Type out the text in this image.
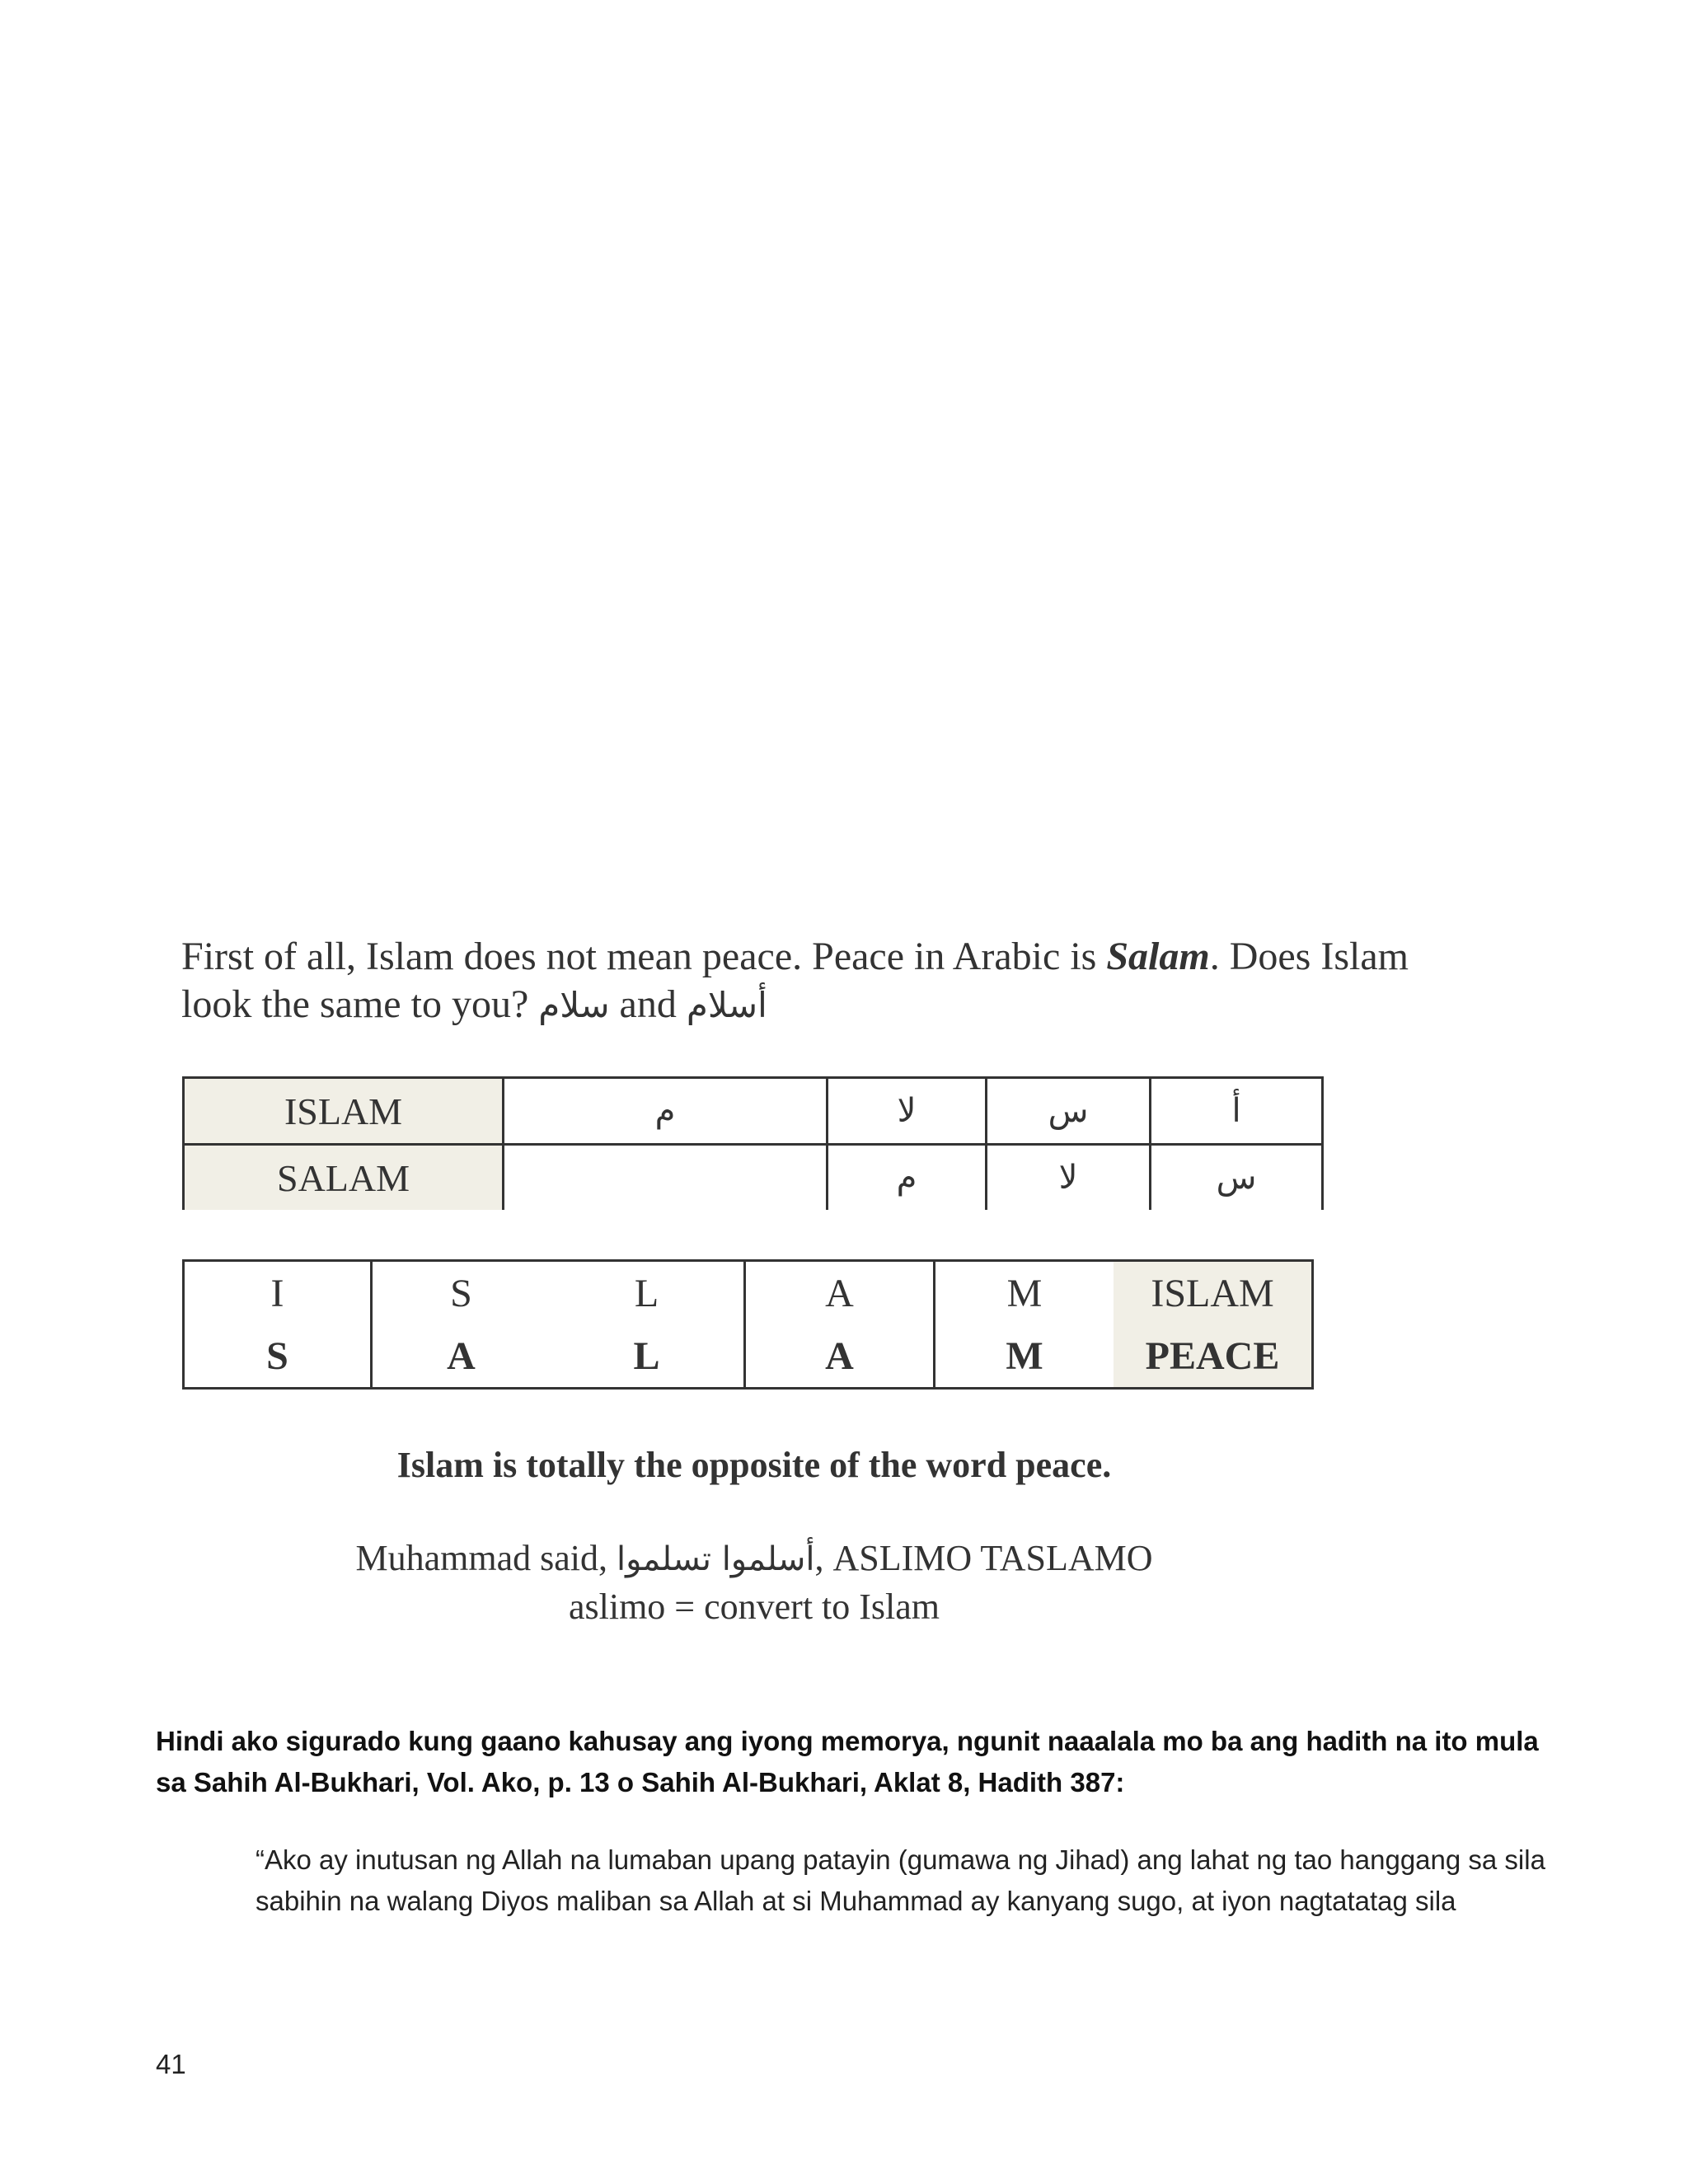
First of all, Islam does not mean peace. Peace in Arabic is Salam. Does Islam look the same to you? سلام and أسلام
ISLAM	م	لا	س	أ
SALAM		م	لا	س
I	S	L	A	M	ISLAM
S	A	L	A	M	PEACE
Islam is totally the opposite of the word peace.
Muhammad said, أسلموا تسلموا, ASLIMO TASLAMO
aslimo = convert to Islam
Hindi ako sigurado kung gaano kahusay ang iyong memorya, ngunit naaalala mo ba ang hadith na ito mula sa Sahih Al-Bukhari, Vol. Ako, p. 13 o Sahih Al-Bukhari, Aklat 8, Hadith 387:
“Ako ay inutusan ng Allah na lumaban upang patayin (gumawa ng Jihad) ang lahat ng tao hanggang sa sila sabihin na walang Diyos maliban sa Allah at si Muhammad ay kanyang sugo, at iyon nagtatatag sila
41
